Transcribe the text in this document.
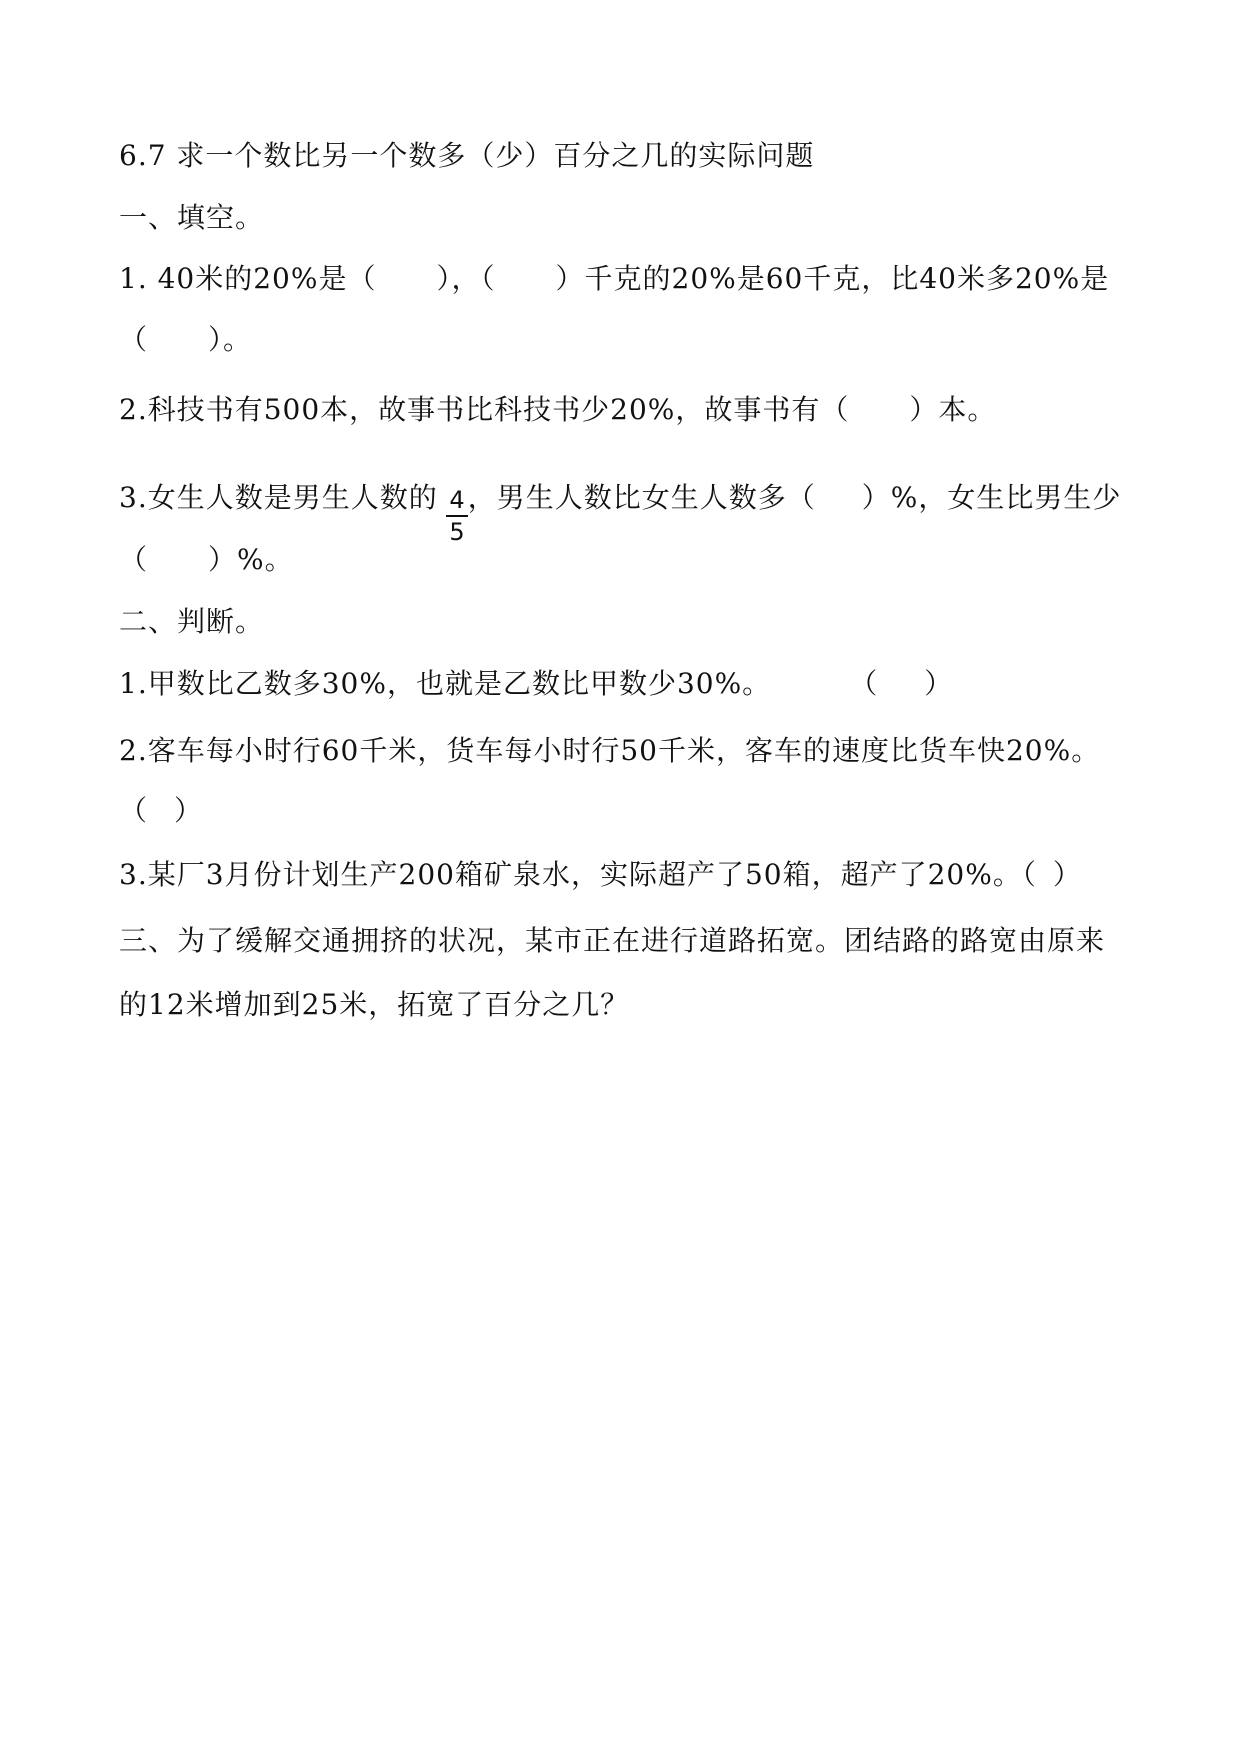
6.7 求一个数比另一个数多（少）百分之几的实际问题
一、填空。
1. 40米的20%是（ ），（ ）千克的20%是60千克，比40米多20%是
（ ）。
2.科技书有500本，故事书比科技书少20%，故事书有（ ）本。
4
5
3.女生人数是男生人数的 ，男生人数比女生人数多（ ）%，女生比男生少
（ ）%。
二、判断。
1.甲数比乙数多30%，也就是乙数比甲数少30%。	（ ）
2.客车每小时行60千米，货车每小时行50千米，客车的速度比货车快20%。
（ ）
3.某厂3月份计划生产200箱矿泉水，实际超产了50箱，超产了20%。（ ）
三、为了缓解交通拥挤的状况，某市正在进行道路拓宽。团结路的路宽由原来
的12米增加到25米，拓宽了百分之几？
